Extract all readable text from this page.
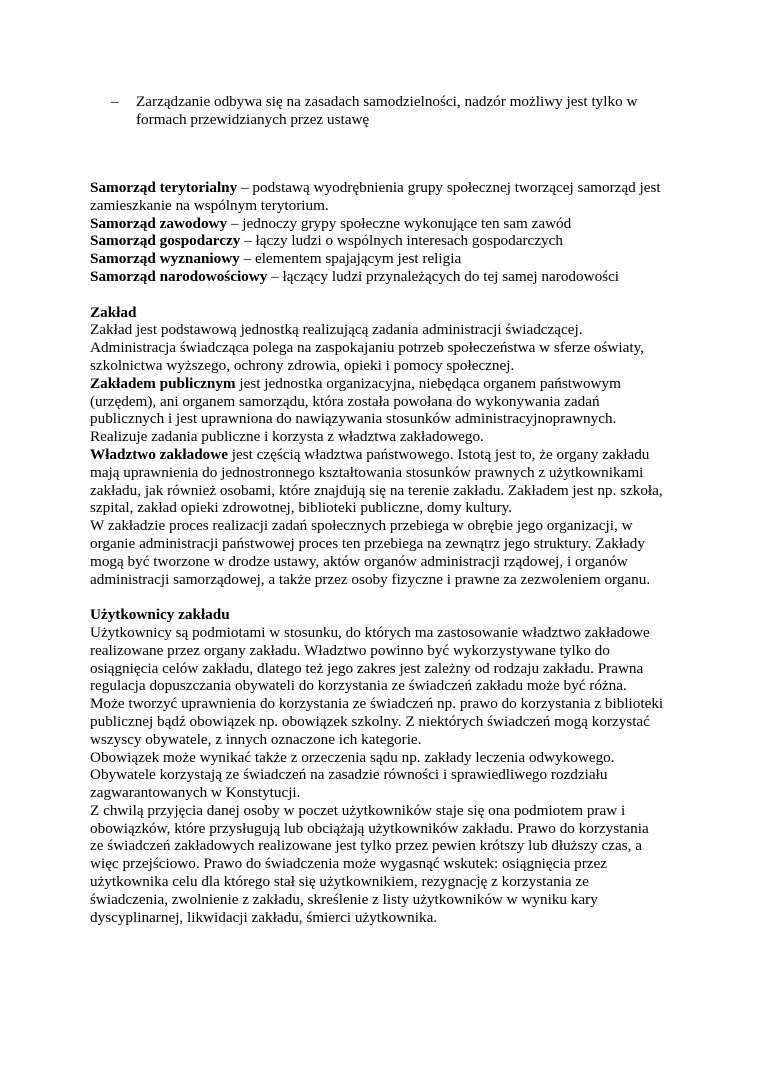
– Zarządzanie odbywa się na zasadach samodzielności, nadzór możliwy jest tylko w formach przewidzianych przez ustawę

Samorząd terytorialny – podstawą wyodrębnienia grupy społecznej tworzącej samorząd jest zamieszkanie na wspólnym terytorium.

Samorząd zawodowy – jednoczy grypy społeczne wykonujące ten sam zawód

Samorząd gospodarczy – łączy ludzi o wspólnych interesach gospodarczych

Samorząd wyznaniowy – elementem spajającym jest religia

Samorząd narodowościowy – łączący ludzi przynależących do tej samej narodowości

Zakład

Zakład jest podstawową jednostką realizującą zadania administracji świadczącej. Administracja świadcząca polega na zaspokajaniu potrzeb społeczeństwa w sferze oświaty, szkolnictwa wyższego, ochrony zdrowia, opieki i pomocy społecznej.

Zakładem publicznym jest jednostka organizacyjna, niebędąca organem państwowym (urzędem), ani organem samorządu, która została powołana do wykonywania zadań publicznych i jest uprawniona do nawiązywania stosunków administracyjnoprawnych. Realizuje zadania publiczne i korzysta z władztwa zakładowego.

Władztwo zakładowe jest częścią władztwa państwowego. Istotą jest to, że organy zakładu mają uprawnienia do jednostronnego kształtowania stosunków prawnych z użytkownikami zakładu, jak również osobami, które znajdują się na terenie zakładu. Zakładem jest np. szkoła, szpital, zakład opieki zdrowotnej, biblioteki publiczne, domy kultury.

W zakładzie proces realizacji zadań społecznych przebiega w obrębie jego organizacji, w organie administracji państwowej proces ten przebiega na zewnątrz jego struktury. Zakłady mogą być tworzone w drodze ustawy, aktów organów administracji rządowej, i organów administracji samorządowej, a także przez osoby fizyczne i prawne za zezwoleniem organu.

Użytkownicy zakładu

Użytkownicy są podmiotami w stosunku, do których ma zastosowanie władztwo zakładowe realizowane przez organy zakładu. Władztwo powinno być wykorzystywane tylko do osiągnięcia celów zakładu, dlatego też jego zakres jest zależny od rodzaju zakładu. Prawna regulacja dopuszczania obywateli do korzystania ze świadczeń zakładu może być różna. Może tworzyć uprawnienia do korzystania ze świadczeń np. prawo do korzystania z biblioteki publicznej bądź obowiązek np. obowiązek szkolny. Z niektórych świadczeń mogą korzystać wszyscy obywatele, z innych oznaczone ich kategorie.

Obowiązek może wynikać także z orzeczenia sądu np. zakłady leczenia odwykowego. Obywatele korzystają ze świadczeń na zasadzie równości i sprawiedliwego rozdziału zagwarantowanych w Konstytucji.

Z chwilą przyjęcia danej osoby w poczet użytkowników staje się ona podmiotem praw i obowiązków, które przysługują lub obciążają użytkowników zakładu. Prawo do korzystania ze świadczeń zakładowych realizowane jest tylko przez pewien krótszy lub dłuższy czas, a więc przejściowo. Prawo do świadczenia może wygasnąć wskutek: osiągnięcia przez użytkownika celu dla którego stał się użytkownikiem, rezygnację z korzystania ze świadczenia, zwolnienie z zakładu, skreślenie z listy użytkowników w wyniku kary dyscyplinarnej, likwidacji zakładu, śmierci użytkownika.
